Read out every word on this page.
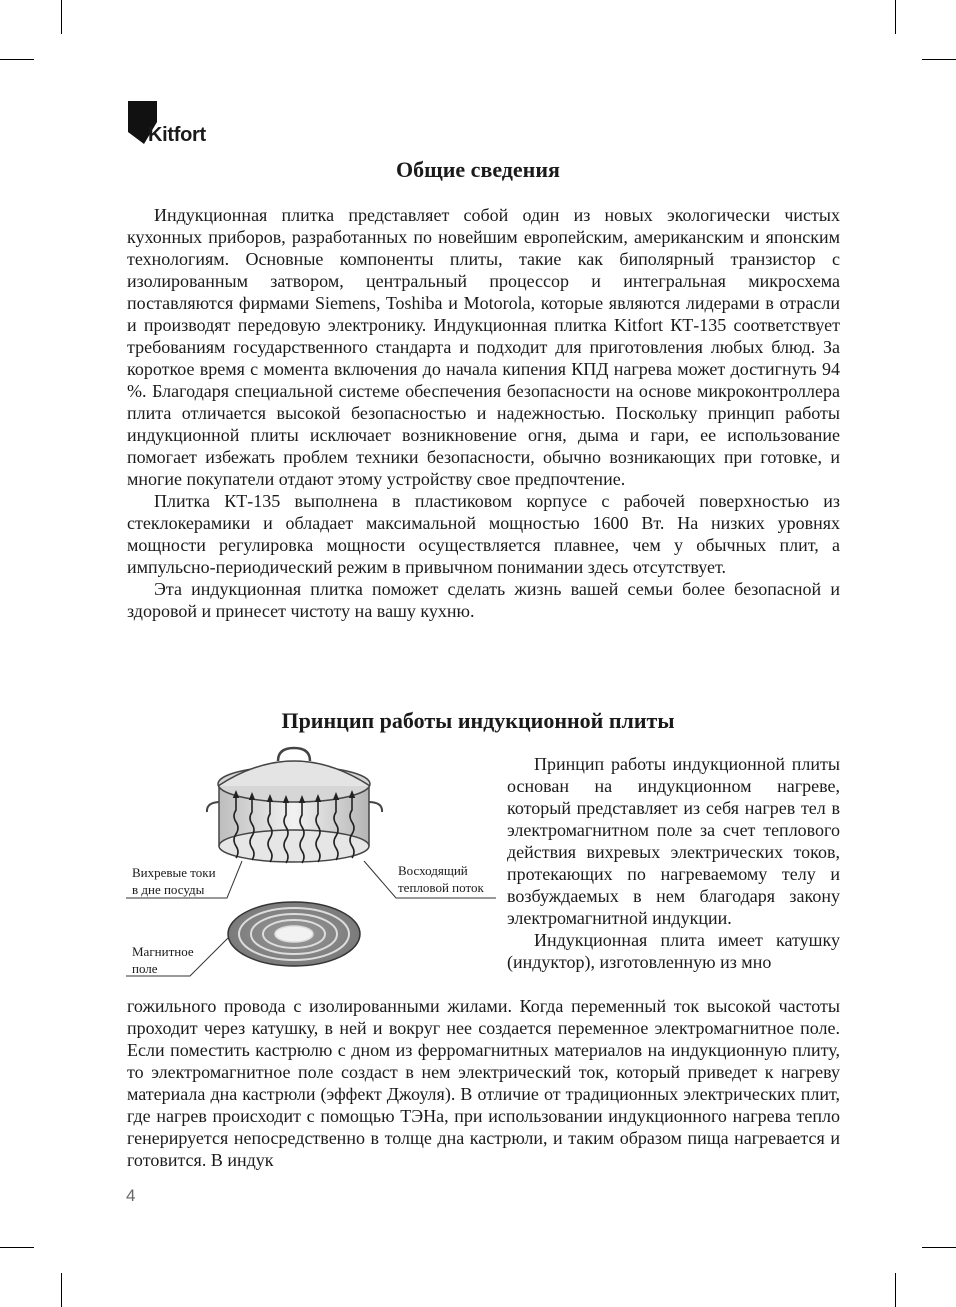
Kitfort
Общие сведения

Индукционная плитка представляет собой один из новых экологически чистых кухонных приборов, разработанных по новейшим европейским, американским и японским технологиям. Основные компоненты плиты, такие как биполярный транзистор с изолированным затвором, центральный процессор и интегральная микросхема поставляются фирмами Siemens, Toshiba и Motorola, которые являются лидерами в отрасли и производят передовую электронику. Индукционная плитка Kitfort КТ-135 соответствует требованиям государственного стандарта и подходит для приготовления любых блюд. За короткое время с момента включения до начала кипения КПД нагрева может достигнуть 94 %. Благодаря специальной системе обеспечения безопасности на основе микроконтроллера плита отличается высокой безопасностью и надежностью. Поскольку принцип работы индукционной плиты исключает возникновение огня, дыма и гари, ее использование помогает избежать проблем техники безопасности, обычно возникающих при готовке, и многие покупатели отдают этому устройству свое предпочтение.

Плитка КТ-135 выполнена в пластиковом корпусе с рабочей поверхностью из стеклокерамики и обладает максимальной мощностью 1600 Вт. На низких уровнях мощности регулировка мощности осуществляется плавнее, чем у обычных плит, а импульсно-периодический режим в привычном понимании здесь отсутствует.

Эта индукционная плитка поможет сделать жизнь вашей семьи более безопасной и здоровой и принесет чистоту на вашу кухню.

Принцип работы индукционной плиты
Вихревые токи
в дне посуды
Восходящий
тепловой поток
Магнитное
поле

Принцип работы индукционной плиты основан на индукционном нагреве, который представляет из себя нагрев тел в электромагнитном поле за счет теплового действия вихревых электрических токов, протекающих по нагреваемому телу и возбуждаемых в нем благодаря закону электромагнитной индукции.

Индукционная плита имеет катушку (индуктор), изготовленную из мно

гожильного провода с изолированными жилами. Когда переменный ток высокой частоты проходит через катушку, в ней и вокруг нее создается переменное электромагнитное поле. Если поместить кастрюлю с дном из ферромагнитных материалов на индукционную плиту, то электромагнитное поле создаст в нем электрический ток, который приведет к нагреву материала дна кастрюли (эффект Джоуля). В отличие от традиционных электрических плит, где нагрев происходит с помощью ТЭНа, при использовании индукционного нагрева тепло генерируется непосредственно в толще дна кастрюли, и таким образом пища нагревается и готовится. В индук

4
